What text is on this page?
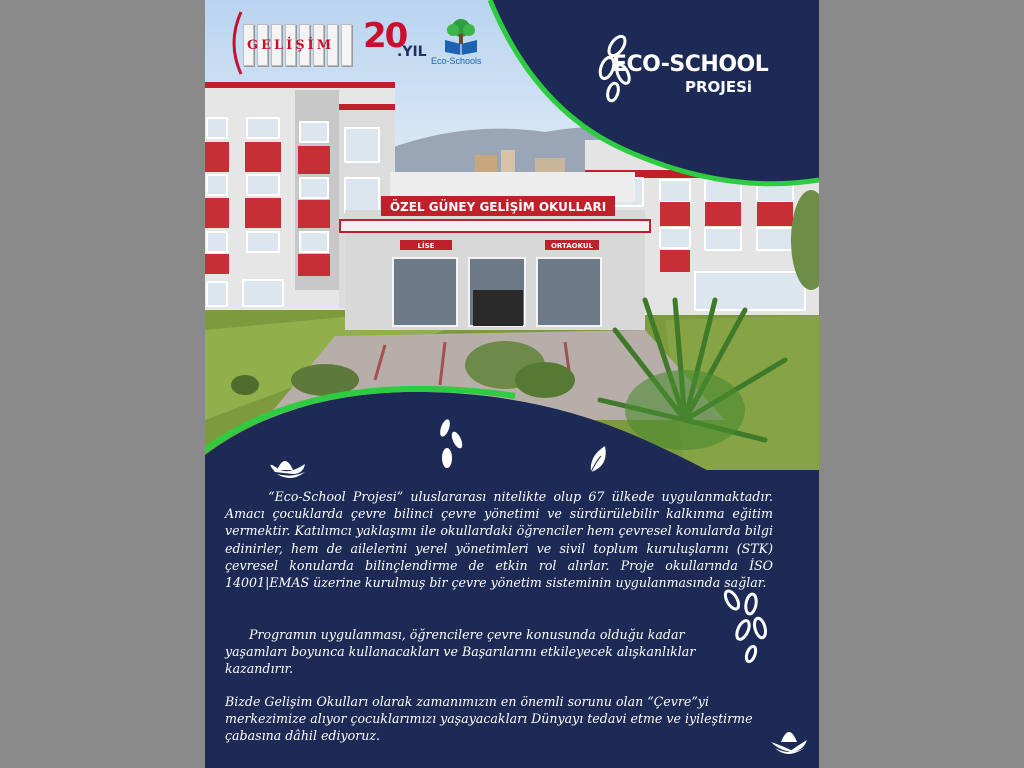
ÖZEL GÜNEY GELİŞİM OKULLARI
LİSE	ORTAOKUL
GELİŞİM 20
.YIL
Eco-Schools	ECO-SCHOOL
PROJESi

“Eco-School Projesi” uluslararası nitelikte olup 67 ülkede uygulanmaktadır. Amacı çocuklarda çevre bilinci çevre yönetimi ve sürdürülebilir kalkınma eğitim vermektir. Katılımcı yaklaşımı ile okullardaki öğrenciler hem çevresel konularda bilgi edinirler, hem de ailelerini yerel yönetimleri ve sivil toplum kuruluşlarını (STK) çevresel konularda bilinçlendirme de etkin rol alırlar. Proje okullarında İSO 14001|EMAS üzerine kurulmuş bir çevre yönetim sisteminin uygulanmasında sağlar.

Programın uygulanması, öğrencilere çevre konusunda olduğu kadar yaşamları boyunca kullanacakları ve Başarılarını etkileyecek alışkanlıklar kazandırır.

Bizde Gelişim Okulları olarak zamanımızın en önemli sorunu olan “Çevre”yi merkezimize alıyor çocuklarımızı yaşayacakları Dünyayı tedavi etme ve iyileştirme çabasına dâhil ediyoruz.
